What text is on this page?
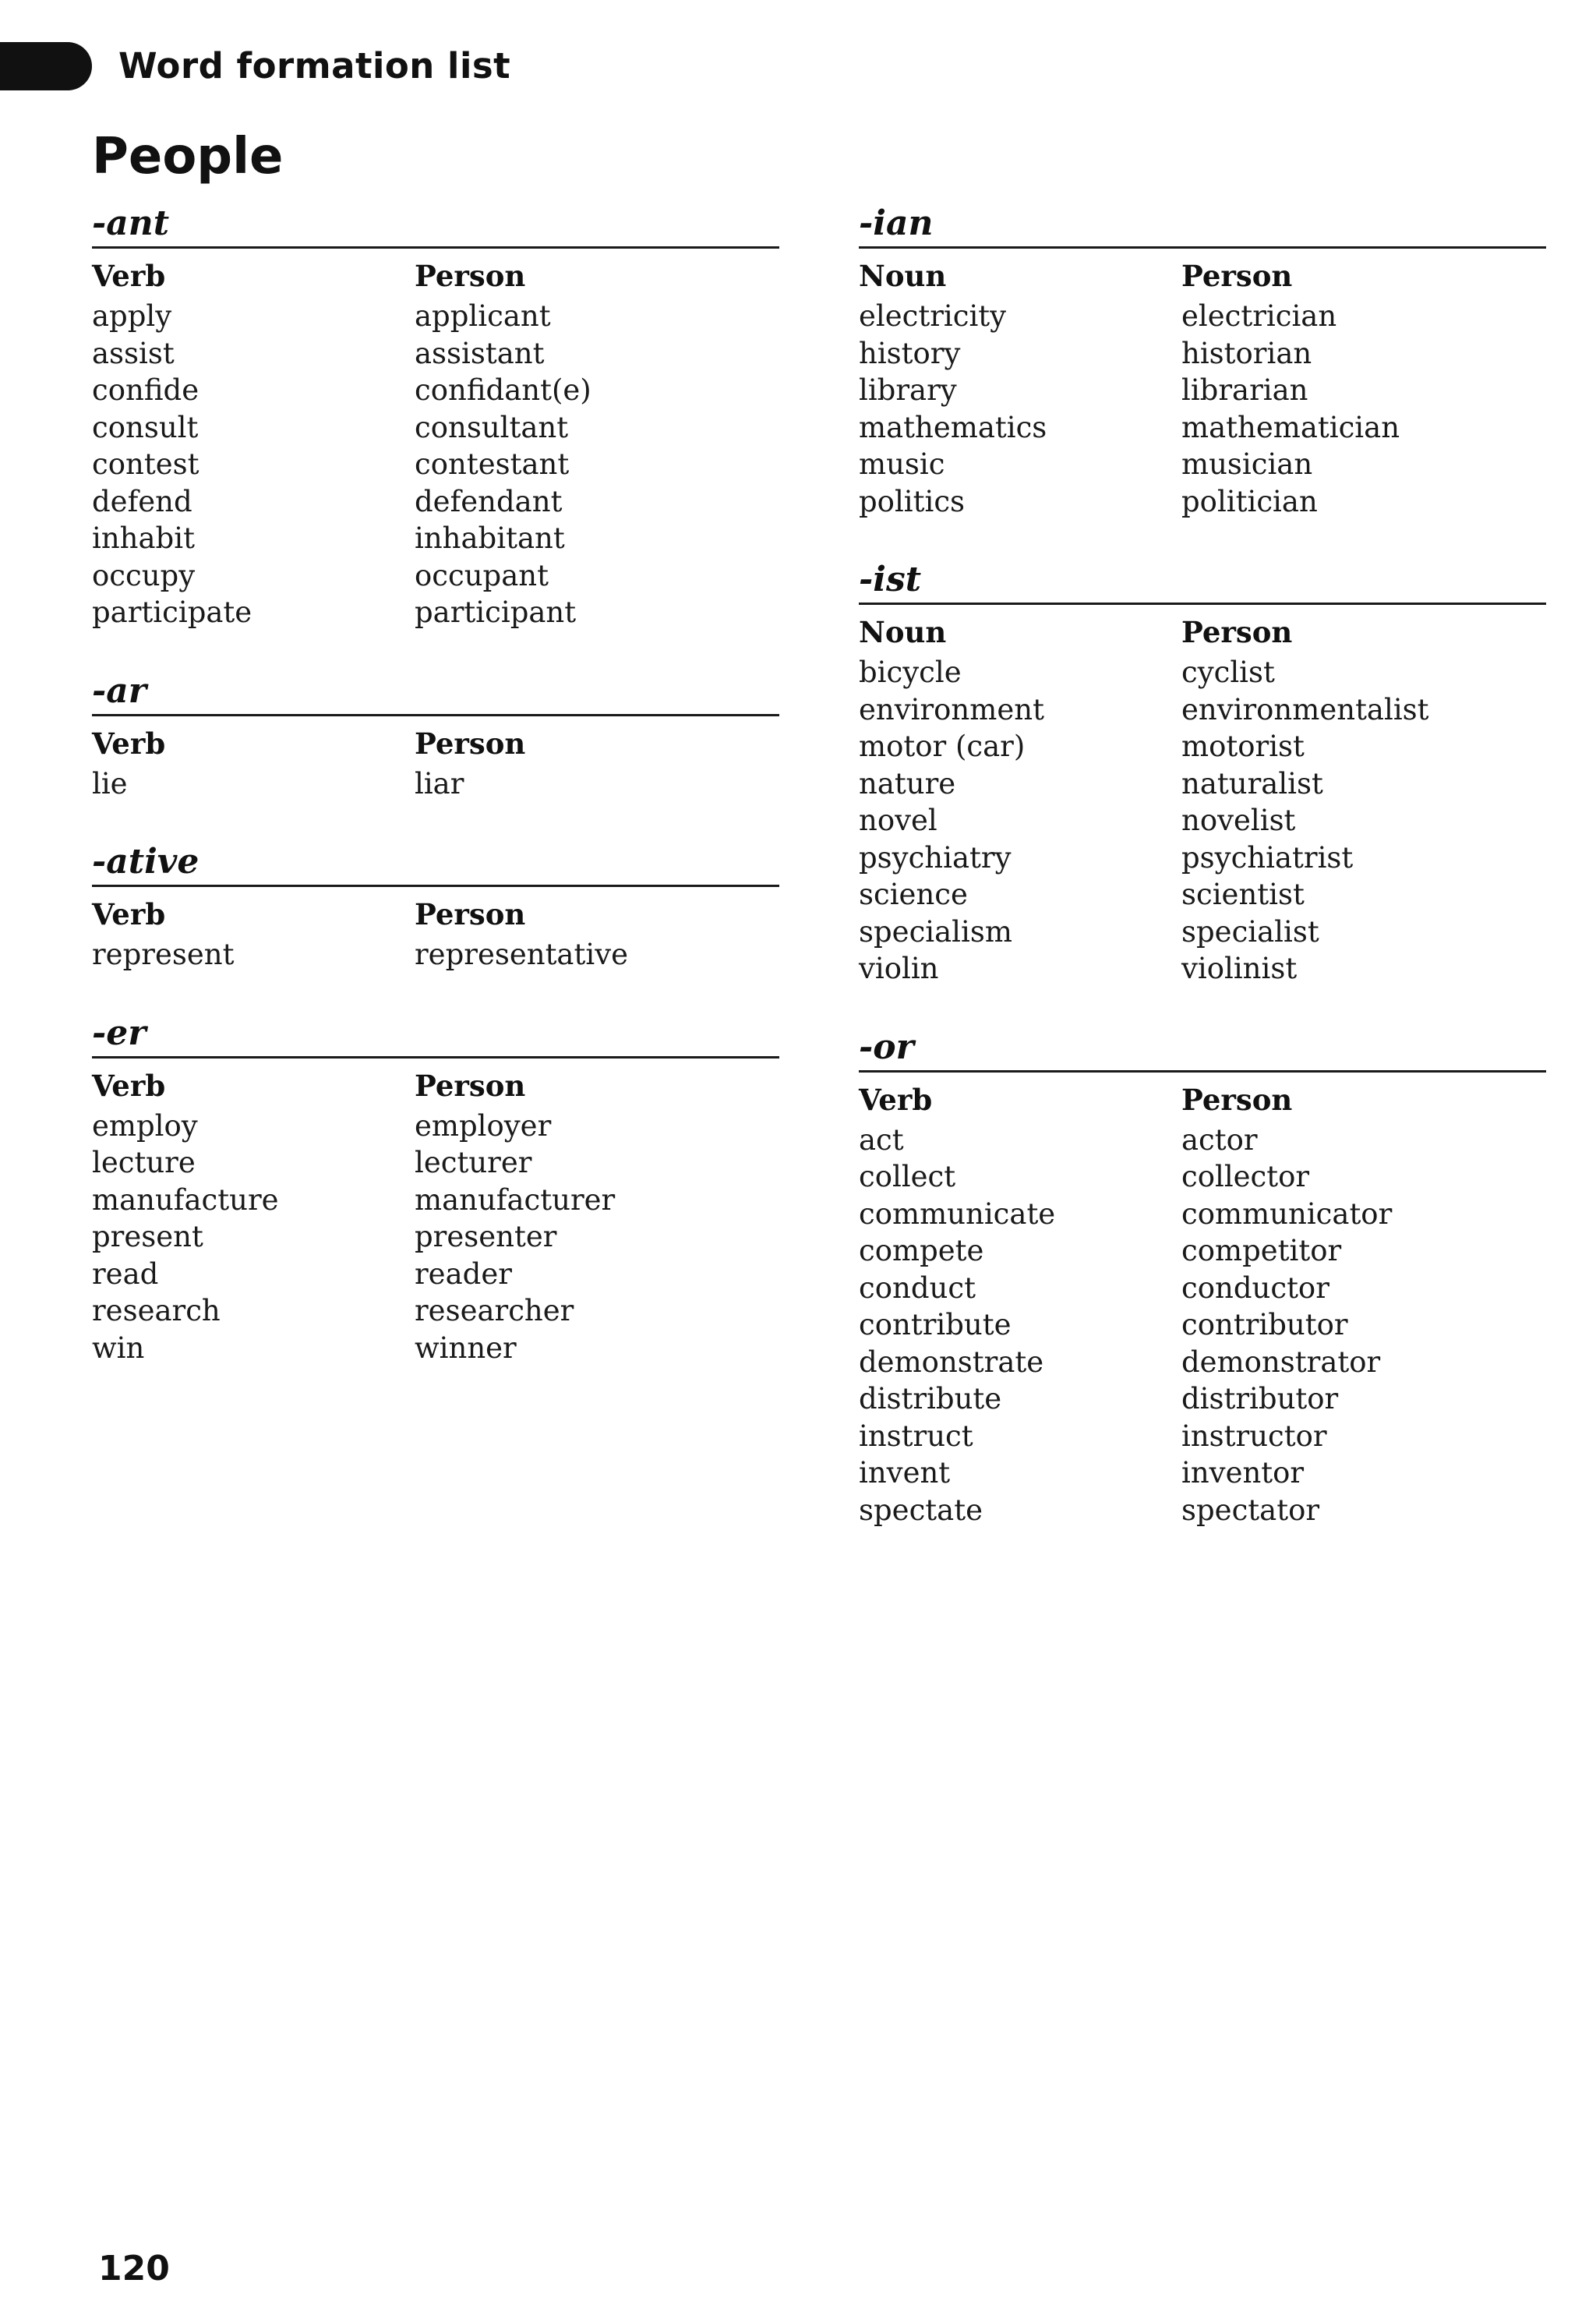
Word formation list
People
-ant
Verb	Person
apply	applicant
assist	assistant
confide	confidant(e)
consult	consultant
contest	contestant
defend	defendant
inhabit	inhabitant
occupy	occupant
participate	participant
-ar
Verb	Person
lie	liar
-ative
Verb	Person
represent	representative
-er
Verb	Person
employ	employer
lecture	lecturer
manufacture	manufacturer
present	presenter
read	reader
research	researcher
win	winner
-ian
Noun	Person
electricity	electrician
history	historian
library	librarian
mathematics	mathematician
music	musician
politics	politician
-ist
Noun	Person
bicycle	cyclist
environment	environmentalist
motor (car)	motorist
nature	naturalist
novel	novelist
psychiatry	psychiatrist
science	scientist
specialism	specialist
violin	violinist
-or
Verb	Person
act	actor
collect	collector
communicate	communicator
compete	competitor
conduct	conductor
contribute	contributor
demonstrate	demonstrator
distribute	distributor
instruct	instructor
invent	inventor
spectate	spectator
120
